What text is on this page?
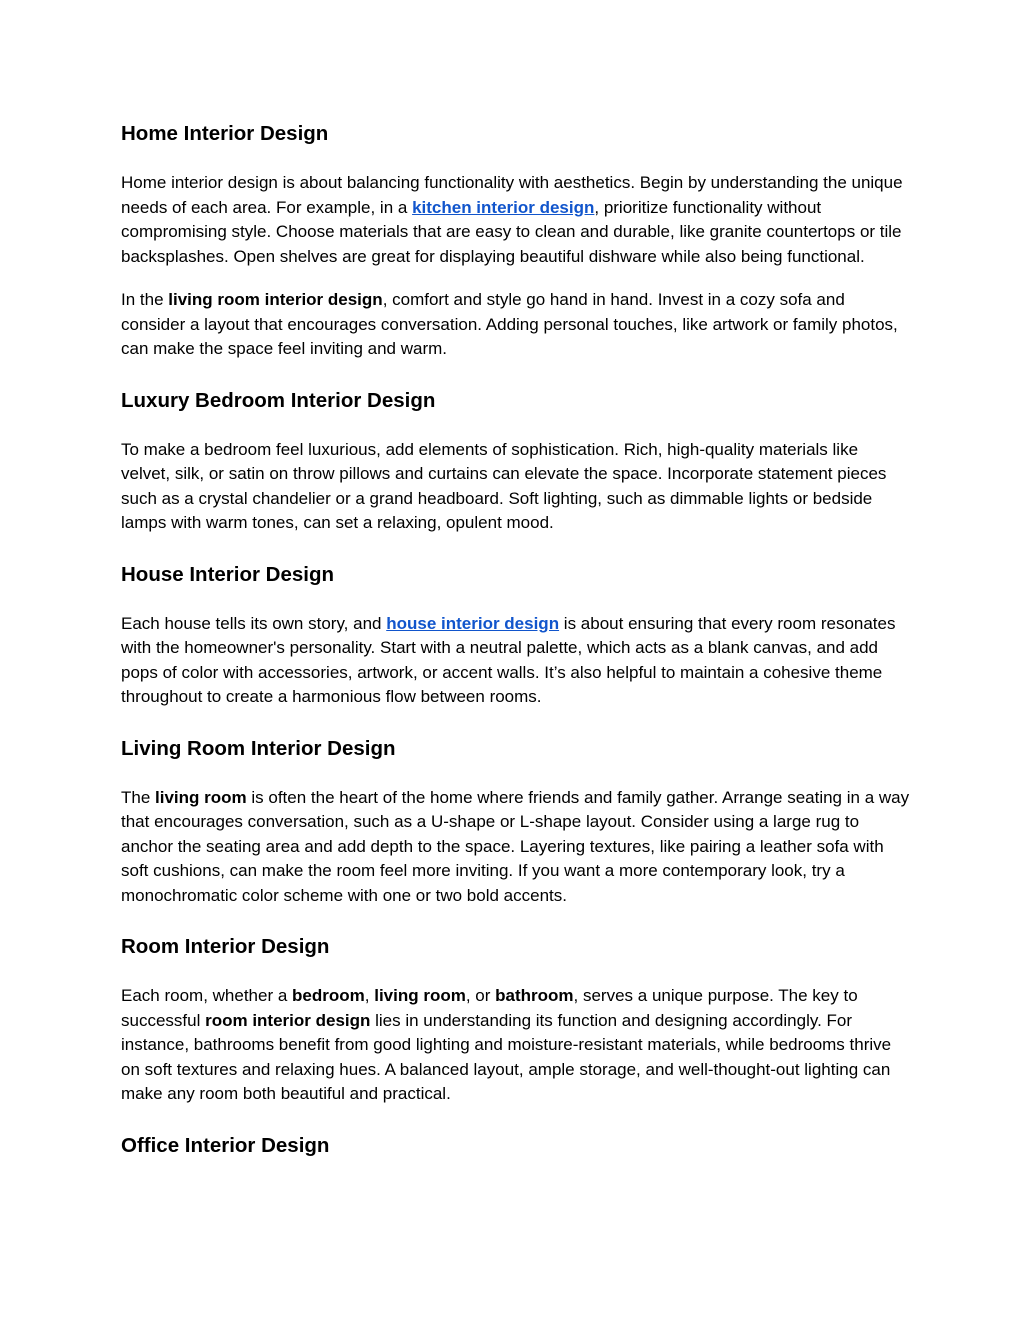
Home Interior Design

Home interior design is about balancing functionality with aesthetics. Begin by understanding the unique needs of each area. For example, in a kitchen interior design, prioritize functionality without compromising style. Choose materials that are easy to clean and durable, like granite countertops or tile backsplashes. Open shelves are great for displaying beautiful dishware while also being functional.

In the living room interior design, comfort and style go hand in hand. Invest in a cozy sofa and consider a layout that encourages conversation. Adding personal touches, like artwork or family photos, can make the space feel inviting and warm.

Luxury Bedroom Interior Design

To make a bedroom feel luxurious, add elements of sophistication. Rich, high-quality materials like velvet, silk, or satin on throw pillows and curtains can elevate the space. Incorporate statement pieces such as a crystal chandelier or a grand headboard. Soft lighting, such as dimmable lights or bedside lamps with warm tones, can set a relaxing, opulent mood.

House Interior Design

Each house tells its own story, and house interior design is about ensuring that every room resonates with the homeowner's personality. Start with a neutral palette, which acts as a blank canvas, and add pops of color with accessories, artwork, or accent walls. It’s also helpful to maintain a cohesive theme throughout to create a harmonious flow between rooms.

Living Room Interior Design

The living room is often the heart of the home where friends and family gather. Arrange seating in a way that encourages conversation, such as a U-shape or L-shape layout. Consider using a large rug to anchor the seating area and add depth to the space. Layering textures, like pairing a leather sofa with soft cushions, can make the room feel more inviting. If you want a more contemporary look, try a monochromatic color scheme with one or two bold accents.

Room Interior Design

Each room, whether a bedroom, living room, or bathroom, serves a unique purpose. The key to successful room interior design lies in understanding its function and designing accordingly. For instance, bathrooms benefit from good lighting and moisture-resistant materials, while bedrooms thrive on soft textures and relaxing hues. A balanced layout, ample storage, and well-thought-out lighting can make any room both beautiful and practical.

Office Interior Design
